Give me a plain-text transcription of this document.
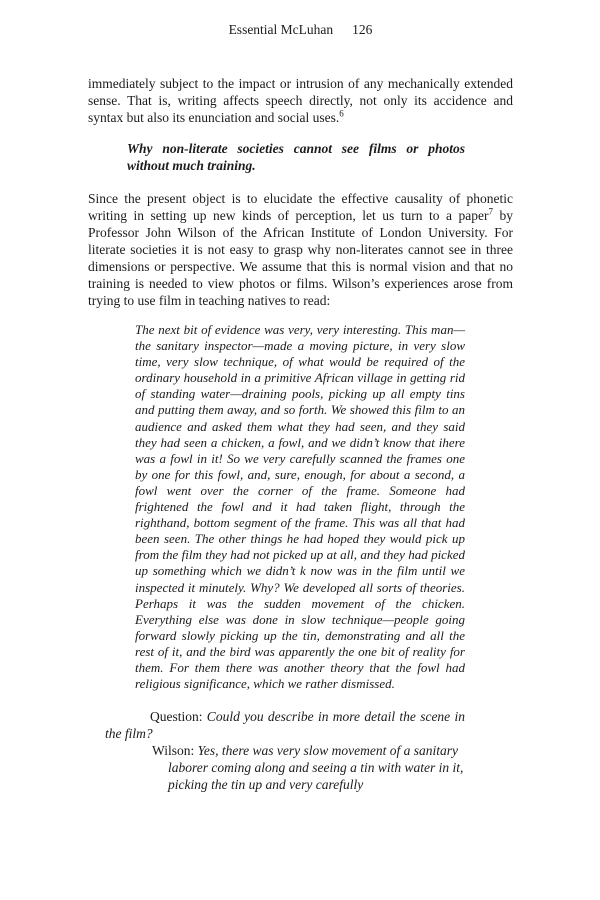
Essential McLuhan 126

immediately subject to the impact or intrusion of any mechanically extended sense. That is, writing affects speech directly, not only its accidence and syntax but also its enunciation and social uses.$^6$

Why non-literate societies cannot see films or photos without much training.

Since the present object is to elucidate the effective causality of phonetic writing in setting up new kinds of perception, let us turn to a paper$^7$ by Professor John Wilson of the African Institute of London University. For literate societies it is not easy to grasp why non-literates cannot see in three dimensions or perspective. We assume that this is normal vision and that no training is needed to view photos or films. Wilson’s experiences arose from trying to use film in teaching natives to read:

The next bit of evidence was very, very interesting. This man—the sanitary inspector—made a moving picture, in very slow time, very slow technique, of what would be required of the ordinary household in a primitive African village in getting rid of standing water—draining pools, picking up all empty tins and putting them away, and so forth. We showed this film to an audience and asked them what they had seen, and they said they had seen a chicken, a fowl, and we didn’t know that ihere was a fowl in it! So we very carefully scanned the frames one by one for this fowl, and, sure, enough, for about a second, a fowl went over the corner of the frame. Someone had frightened the fowl and it had taken flight, through the righthand, bottom segment of the frame. This was all that had been seen. The other things he had hoped they would pick up from the film they had not picked up at all, and they had picked up something which we didn’t k now was in the film until we inspected it minutely. Why? We developed all sorts of theories. Perhaps it was the sudden movement of the chicken. Everything else was done in slow technique—people going forward slowly picking up the tin, demonstrating and all the rest of it, and the bird was apparently the one bit of reality for them. For them there was another theory that the fowl had religious significance, which we rather dismissed.

Question: Could you describe in more detail the scene in the film?

Wilson: Yes, there was very slow movement of a sanitary laborer coming along and seeing a tin with water in it, picking the tin up and very carefully
